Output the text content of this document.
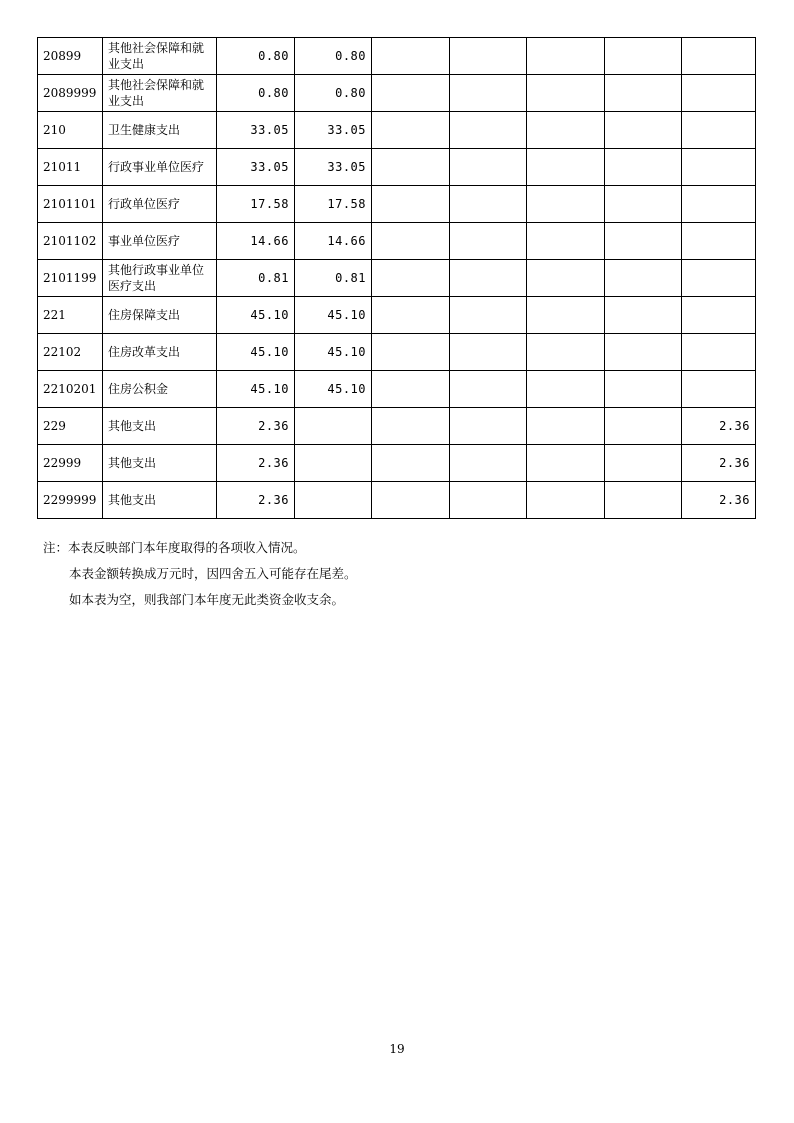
20899	其他社会保障和就业支出	0.80	0.80					
2089999	其他社会保障和就业支出	0.80	0.80					
210	卫生健康支出	33.05	33.05					
21011	行政事业单位医疗	33.05	33.05					
2101101	行政单位医疗	17.58	17.58					
2101102	事业单位医疗	14.66	14.66					
2101199	其他行政事业单位医疗支出	0.81	0.81					
221	住房保障支出	45.10	45.10					
22102	住房改革支出	45.10	45.10					
2210201	住房公积金	45.10	45.10					
229	其他支出	2.36						2.36
22999	其他支出	2.36						2.36
2299999	其他支出	2.36						2.36

注：本表反映部门本年度取得的各项收入情况。

本表金额转换成万元时，因四舍五入可能存在尾差。

如本表为空，则我部门本年度无此类资金收支余。

19
